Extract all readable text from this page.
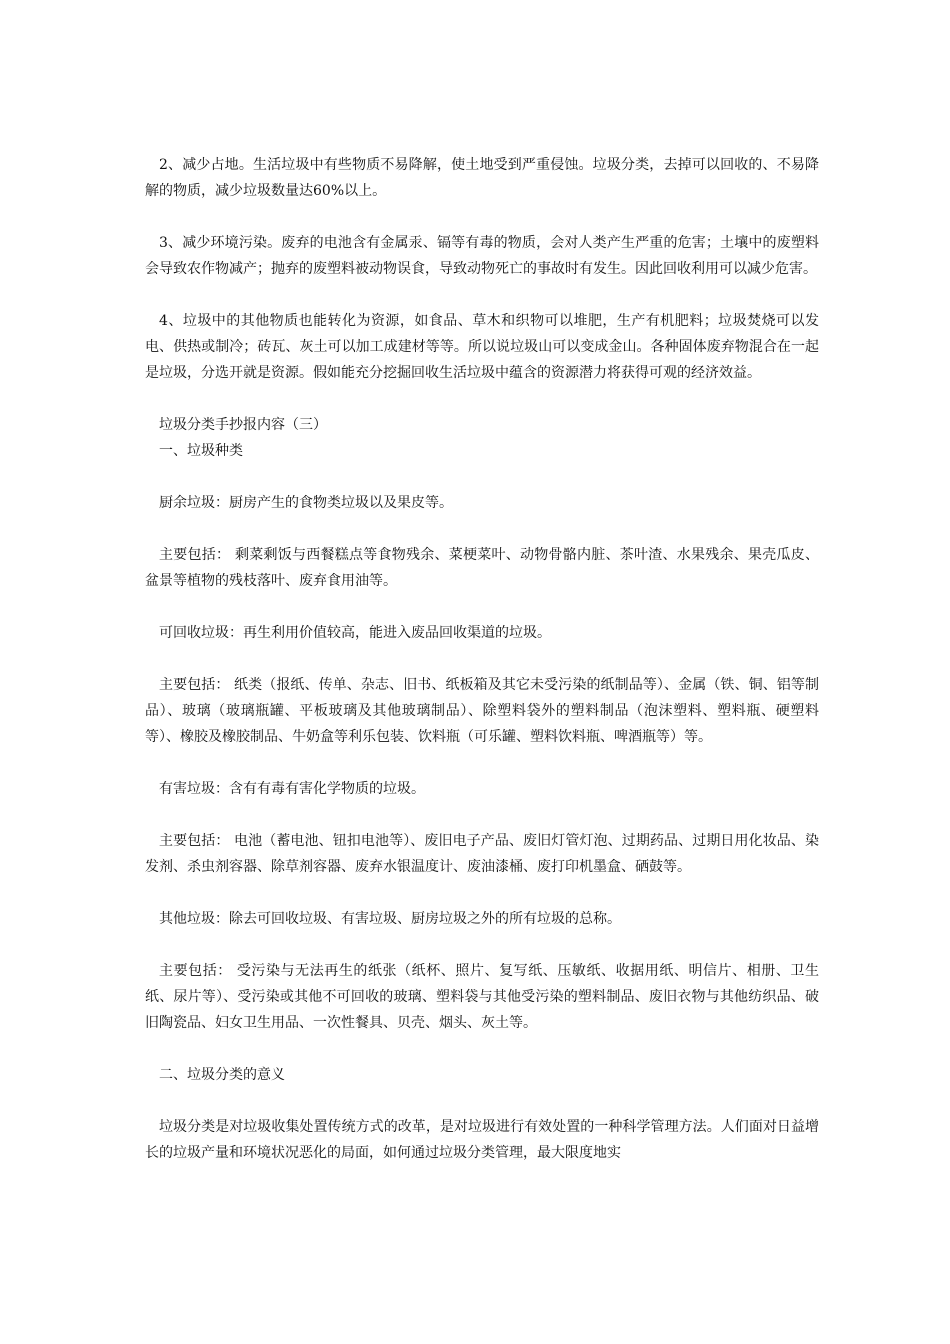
2、减少占地。生活垃圾中有些物质不易降解，使土地受到严重侵蚀。垃圾分类，去掉可以回收的、不易降解的物质，减少垃圾数量达60%以上。

3、减少环境污染。废弃的电池含有金属汞、镉等有毒的物质，会对人类产生严重的危害；土壤中的废塑料会导致农作物减产；抛弃的废塑料被动物误食，导致动物死亡的事故时有发生。因此回收利用可以减少危害。

4、垃圾中的其他物质也能转化为资源，如食品、草木和织物可以堆肥，生产有机肥料；垃圾焚烧可以发电、供热或制冷；砖瓦、灰土可以加工成建材等等。所以说垃圾山可以变成金山。各种固体废弃物混合在一起是垃圾，分选开就是资源。假如能充分挖掘回收生活垃圾中蕴含的资源潜力将获得可观的经济效益。

垃圾分类手抄报内容（三）

一、垃圾种类

厨余垃圾：厨房产生的食物类垃圾以及果皮等。

主要包括： 剩菜剩饭与西餐糕点等食物残余、菜梗菜叶、动物骨骼内脏、茶叶渣、水果残余、果壳瓜皮、盆景等植物的残枝落叶、废弃食用油等。

可回收垃圾：再生利用价值较高，能进入废品回收渠道的垃圾。

主要包括： 纸类（报纸、传单、杂志、旧书、纸板箱及其它未受污染的纸制品等）、金属（铁、铜、铝等制品）、玻璃（玻璃瓶罐、平板玻璃及其他玻璃制品）、除塑料袋外的塑料制品（泡沫塑料、塑料瓶、硬塑料等）、橡胶及橡胶制品、牛奶盒等利乐包装、饮料瓶（可乐罐、塑料饮料瓶、啤酒瓶等）等。

有害垃圾：含有有毒有害化学物质的垃圾。

主要包括： 电池（蓄电池、钮扣电池等）、废旧电子产品、废旧灯管灯泡、过期药品、过期日用化妆品、染发剂、杀虫剂容器、除草剂容器、废弃水银温度计、废油漆桶、废打印机墨盒、硒鼓等。

其他垃圾：除去可回收垃圾、有害垃圾、厨房垃圾之外的所有垃圾的总称。

主要包括： 受污染与无法再生的纸张（纸杯、照片、复写纸、压敏纸、收据用纸、明信片、相册、卫生纸、尿片等）、受污染或其他不可回收的玻璃、塑料袋与其他受污染的塑料制品、废旧衣物与其他纺织品、破旧陶瓷品、妇女卫生用品、一次性餐具、贝壳、烟头、灰土等。

二、垃圾分类的意义

垃圾分类是对垃圾收集处置传统方式的改革，是对垃圾进行有效处置的一种科学管理方法。人们面对日益增长的垃圾产量和环境状况恶化的局面，如何通过垃圾分类管理，最大限度地实
